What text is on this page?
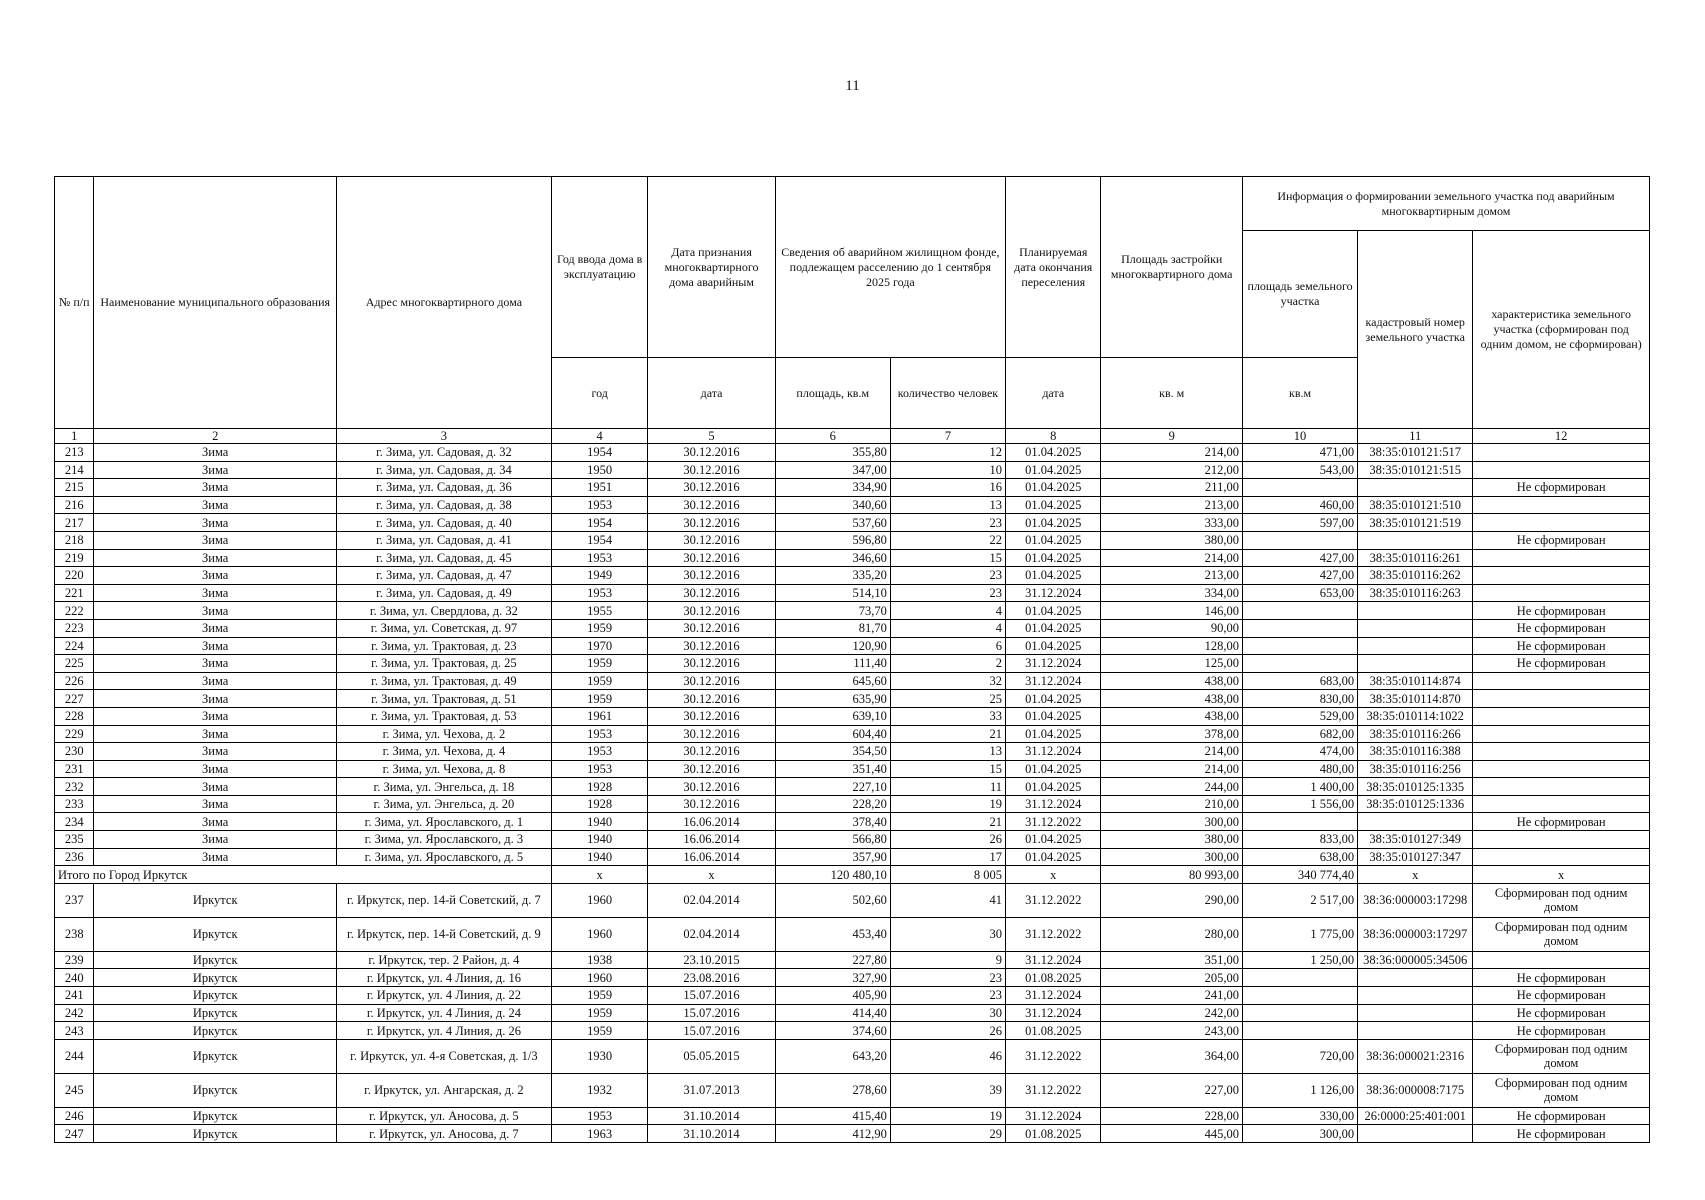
11
№ п/п	Наименование муниципального образования	Адрес многоквартирного дома	Год ввода дома в эксплуатацию	Дата признания многоквартирного дома аварийным	Сведения об аварийном жилищном фонде, подлежащем расселению до 1 сентября 2025 года		Планируемая дата окончания переселения	Площадь застройки многоквартирного дома	Информация о формировании земельного участка под аварийным многоквартирным домом		
									площадь земельного участка	кадастровый номер земельного участка	характеристика земельного участка (сформирован под одним домом, не сформирован)
			год	дата	площадь, кв.м	количество человек	дата	кв. м	кв.м		
1	2	3	4	5	6	7	8	9	10	11	12
213	Зима	г. Зима, ул. Садовая, д. 32	1954	30.12.2016	355,80	12	01.04.2025	214,00	471,00	38:35:010121:517	
214	Зима	г. Зима, ул. Садовая, д. 34	1950	30.12.2016	347,00	10	01.04.2025	212,00	543,00	38:35:010121:515	
215	Зима	г. Зима, ул. Садовая, д. 36	1951	30.12.2016	334,90	16	01.04.2025	211,00			Не сформирован
216	Зима	г. Зима, ул. Садовая, д. 38	1953	30.12.2016	340,60	13	01.04.2025	213,00	460,00	38:35:010121:510	
217	Зима	г. Зима, ул. Садовая, д. 40	1954	30.12.2016	537,60	23	01.04.2025	333,00	597,00	38:35:010121:519	
218	Зима	г. Зима, ул. Садовая, д. 41	1954	30.12.2016	596,80	22	01.04.2025	380,00			Не сформирован
219	Зима	г. Зима, ул. Садовая, д. 45	1953	30.12.2016	346,60	15	01.04.2025	214,00	427,00	38:35:010116:261	
220	Зима	г. Зима, ул. Садовая, д. 47	1949	30.12.2016	335,20	23	01.04.2025	213,00	427,00	38:35:010116:262	
221	Зима	г. Зима, ул. Садовая, д. 49	1953	30.12.2016	514,10	23	31.12.2024	334,00	653,00	38:35:010116:263	
222	Зима	г. Зима, ул. Свердлова, д. 32	1955	30.12.2016	73,70	4	01.04.2025	146,00			Не сформирован
223	Зима	г. Зима, ул. Советская, д. 97	1959	30.12.2016	81,70	4	01.04.2025	90,00			Не сформирован
224	Зима	г. Зима, ул. Трактовая, д. 23	1970	30.12.2016	120,90	6	01.04.2025	128,00			Не сформирован
225	Зима	г. Зима, ул. Трактовая, д. 25	1959	30.12.2016	111,40	2	31.12.2024	125,00			Не сформирован
226	Зима	г. Зима, ул. Трактовая, д. 49	1959	30.12.2016	645,60	32	31.12.2024	438,00	683,00	38:35:010114:874	
227	Зима	г. Зима, ул. Трактовая, д. 51	1959	30.12.2016	635,90	25	01.04.2025	438,00	830,00	38:35:010114:870	
228	Зима	г. Зима, ул. Трактовая, д. 53	1961	30.12.2016	639,10	33	01.04.2025	438,00	529,00	38:35:010114:1022	
229	Зима	г. Зима, ул. Чехова, д. 2	1953	30.12.2016	604,40	21	01.04.2025	378,00	682,00	38:35:010116:266	
230	Зима	г. Зима, ул. Чехова, д. 4	1953	30.12.2016	354,50	13	31.12.2024	214,00	474,00	38:35:010116:388	
231	Зима	г. Зима, ул. Чехова, д. 8	1953	30.12.2016	351,40	15	01.04.2025	214,00	480,00	38:35:010116:256	
232	Зима	г. Зима, ул. Энгельса, д. 18	1928	30.12.2016	227,10	11	01.04.2025	244,00	1 400,00	38:35:010125:1335	
233	Зима	г. Зима, ул. Энгельса, д. 20	1928	30.12.2016	228,20	19	31.12.2024	210,00	1 556,00	38:35:010125:1336	
234	Зима	г. Зима, ул. Ярославского, д. 1	1940	16.06.2014	378,40	21	31.12.2022	300,00			Не сформирован
235	Зима	г. Зима, ул. Ярославского, д. 3	1940	16.06.2014	566,80	26	01.04.2025	380,00	833,00	38:35:010127:349	
236	Зима	г. Зима, ул. Ярославского, д. 5	1940	16.06.2014	357,90	17	01.04.2025	300,00	638,00	38:35:010127:347	
Итого по Город Иркутск			x	x	120 480,10	8 005	x	80 993,00	340 774,40	x	x
237	Иркутск	г. Иркутск, пер. 14-й Советский, д. 7	1960	02.04.2014	502,60	41	31.12.2022	290,00	2 517,00	38:36:000003:17298	Сформирован под одним домом
238	Иркутск	г. Иркутск, пер. 14-й Советский, д. 9	1960	02.04.2014	453,40	30	31.12.2022	280,00	1 775,00	38:36:000003:17297	Сформирован под одним домом
239	Иркутск	г. Иркутск, тер. 2 Район, д. 4	1938	23.10.2015	227,80	9	31.12.2024	351,00	1 250,00	38:36:000005:34506	
240	Иркутск	г. Иркутск, ул. 4 Линия, д. 16	1960	23.08.2016	327,90	23	01.08.2025	205,00			Не сформирован
241	Иркутск	г. Иркутск, ул. 4 Линия, д. 22	1959	15.07.2016	405,90	23	31.12.2024	241,00			Не сформирован
242	Иркутск	г. Иркутск, ул. 4 Линия, д. 24	1959	15.07.2016	414,40	30	31.12.2024	242,00			Не сформирован
243	Иркутск	г. Иркутск, ул. 4 Линия, д. 26	1959	15.07.2016	374,60	26	01.08.2025	243,00			Не сформирован
244	Иркутск	г. Иркутск, ул. 4-я Советская, д. 1/3	1930	05.05.2015	643,20	46	31.12.2022	364,00	720,00	38:36:000021:2316	Сформирован под одним домом
245	Иркутск	г. Иркутск, ул. Ангарская, д. 2	1932	31.07.2013	278,60	39	31.12.2022	227,00	1 126,00	38:36:000008:7175	Сформирован под одним домом
246	Иркутск	г. Иркутск, ул. Аносова, д. 5	1953	31.10.2014	415,40	19	31.12.2024	228,00	330,00	26:0000:25:401:001	Не сформирован
247	Иркутск	г. Иркутск, ул. Аносова, д. 7	1963	31.10.2014	412,90	29	01.08.2025	445,00	300,00		Не сформирован
